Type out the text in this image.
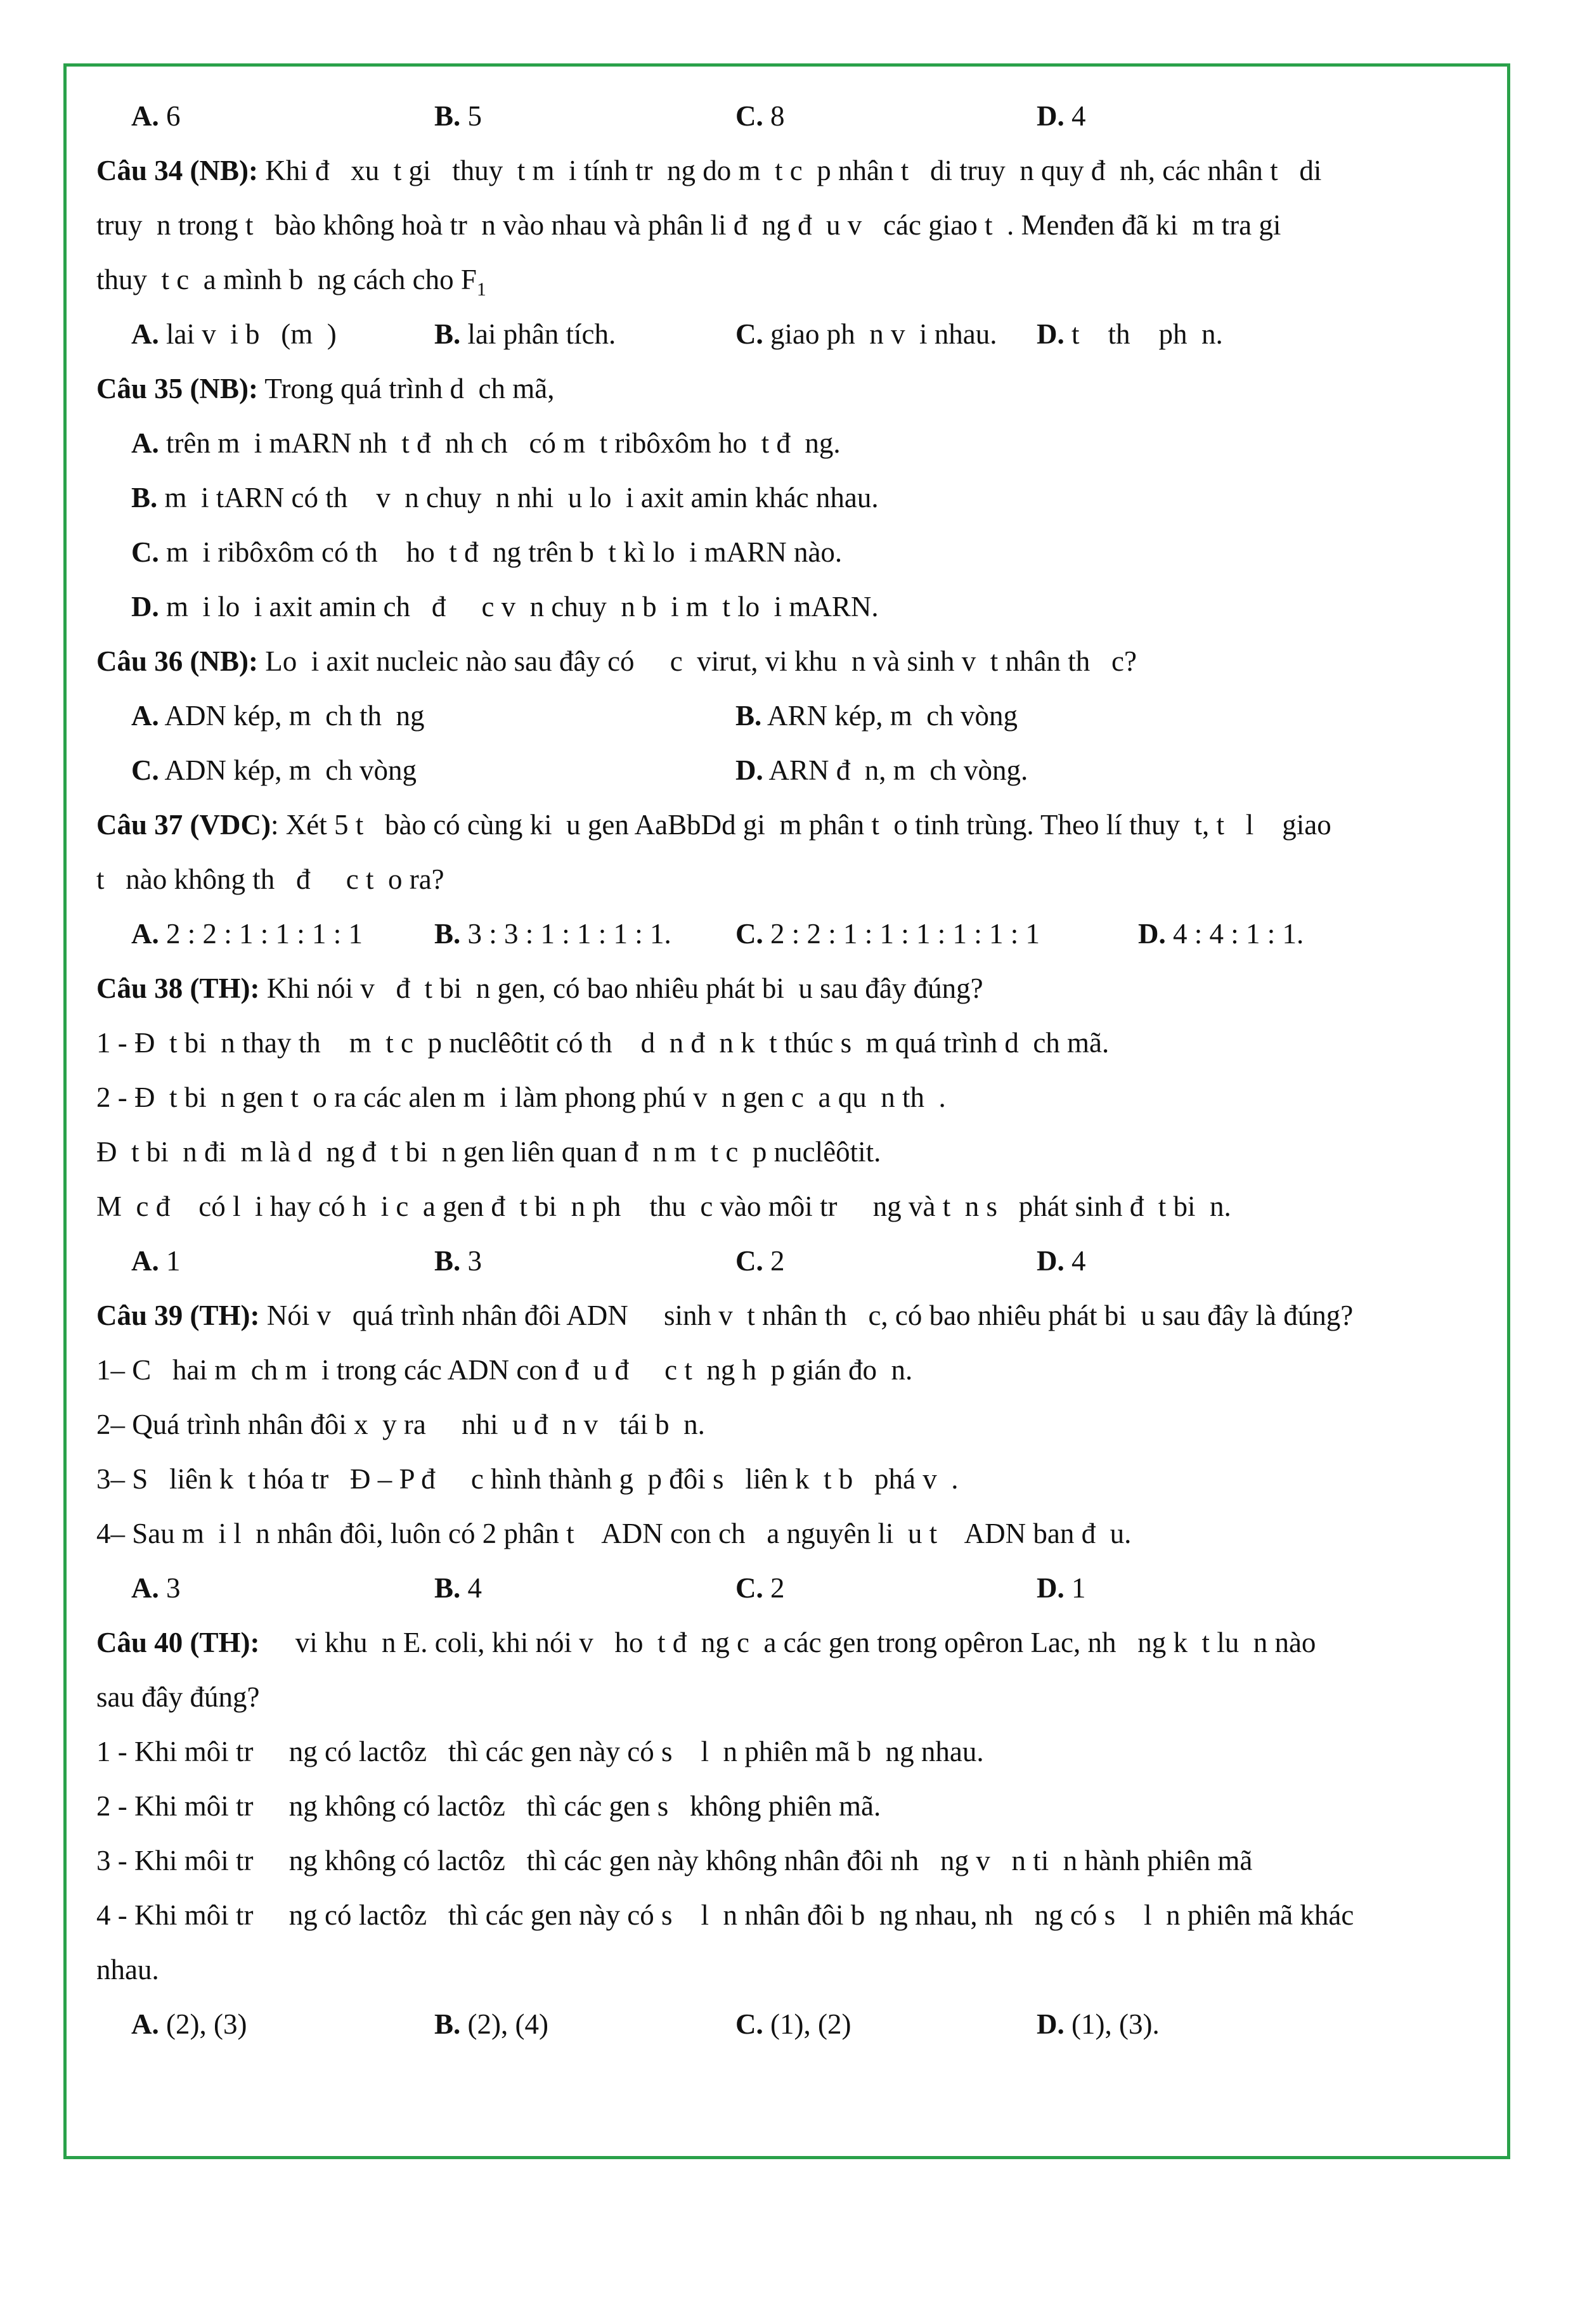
A. 6

	B. 5

	C. 8

	D. 4

Câu 34 (NB): Khi đ   xu  t gi   thuy  t m  i tính tr  ng do m  t c  p nhân t   di truy  n quy đ  nh, các nhân t   di
truy  n trong t   bào không hoà tr  n vào nhau và phân li đ  ng đ  u v   các giao t  . Menđen đã ki  m tra gi
thuy  t c  a mình b  ng cách cho $F_1$

A. lai v  i b   (m  )

	B. lai phân tích.

	C. giao ph  n v  i nhau.

D. t    th    ph  n.

Câu 35 (NB): Trong quá trình d  ch mã,
A. trên m  i mARN nh  t đ  nh ch   có m  t ribôxôm ho  t đ  ng.
B. m  i tARN có th    v  n chuy  n nhi  u lo  i axit amin khác nhau.
C. m  i ribôxôm có th    ho  t đ  ng trên b  t kì lo  i mARN nào.
D. m  i lo  i axit amin ch   đ     c v  n chuy  n b  i m  t lo  i mARN.
Câu 36 (NB): Lo  i axit nucleic nào sau đây có     c  virut, vi khu  n và sinh v  t nhân th   c?

A. ADN kép, m  ch th  ng

	B. ARN kép, m  ch vòng

C. ADN kép, m  ch vòng

	D. ARN đ  n, m  ch vòng.

Câu 37 (VDC): Xét 5 t   bào có cùng ki  u gen AaBbDd gi  m phân t  o tinh trùng. Theo lí thuy  t, t   l    giao
t   nào không th   đ     c t  o ra?

A. 2 : 2 : 1 : 1 : 1 : 1

	B. 3 : 3 : 1 : 1 : 1 : 1.

C. 2 : 2 : 1 : 1 : 1 : 1 : 1 : 1

	D. 4 : 4 : 1 : 1.

Câu 38 (TH): Khi nói v   đ  t bi  n gen, có bao nhiêu phát bi  u sau đây đúng?
1 - Đ  t bi  n thay th    m  t c  p nuclêôtit có th    d  n đ  n k  t thúc s  m quá trình d  ch mã.
2 - Đ  t bi  n gen t  o ra các alen m  i làm phong phú v  n gen c  a qu  n th  .
Đ  t bi  n đi  m là d  ng đ  t bi  n gen liên quan đ  n m  t c  p nuclêôtit.
M  c đ    có l  i hay có h  i c  a gen đ  t bi  n ph    thu  c vào môi tr     ng và t  n s   phát sinh đ  t bi  n.

A. 1

	B. 3

	C. 2

	D. 4

Câu 39 (TH): Nói v   quá trình nhân đôi ADN     sinh v  t nhân th   c, có bao nhiêu phát bi  u sau đây là đúng?
1– C   hai m  ch m  i trong các ADN con đ  u đ     c t  ng h  p gián đo  n.
2– Quá trình nhân đôi x  y ra     nhi  u đ  n v   tái b  n.
3– S   liên k  t hóa tr   Đ – P đ     c hình thành g  p đôi s   liên k  t b   phá v  .
4– Sau m  i l  n nhân đôi, luôn có 2 phân t    ADN con ch   a nguyên li  u t    ADN ban đ  u.

A. 3

	B. 4

	C. 2

	D. 1

Câu 40 (TH):     vi khu  n E. coli, khi nói v   ho  t đ  ng c  a các gen trong opêron Lac, nh   ng k  t lu  n nào
sau đây đúng?
1 - Khi môi tr     ng có lactôz   thì các gen này có s    l  n phiên mã b  ng nhau.
2 - Khi môi tr     ng không có lactôz   thì các gen s   không phiên mã.
3 - Khi môi tr     ng không có lactôz   thì các gen này không nhân đôi nh   ng v   n ti  n hành phiên mã
4 - Khi môi tr     ng có lactôz   thì các gen này có s    l  n nhân đôi b  ng nhau, nh   ng có s    l  n phiên mã khác
nhau.

A. (2), (3)

	B. (2), (4)

	C. (1), (2)

	D. (1), (3).
